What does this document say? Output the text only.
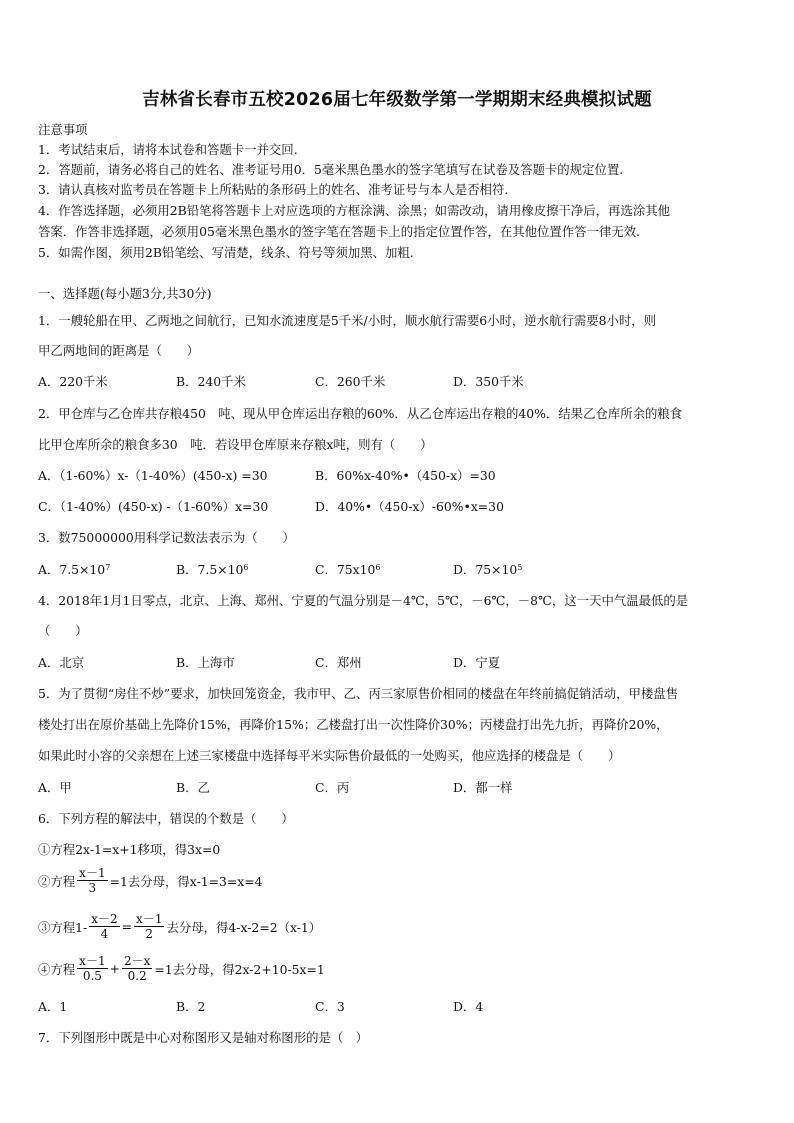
吉林省长春市五校2026届七年级数学第一学期期末经典模拟试题
注意事项
1．考试结束后，请将本试卷和答题卡一并交回.
2．答题前，请务必将自己的姓名、准考证号用0．5毫米黑色墨水的签字笔填写在试卷及答题卡的规定位置.
3．请认真核对监考员在答题卡上所粘贴的条形码上的姓名、准考证号与本人是否相符.
4．作答选择题，必须用2B铅笔将答题卡上对应选项的方框涂满、涂黑；如需改动，请用橡皮擦干净后，再选涂其他
答案．作答非选择题，必须用05毫米黑色墨水的签字笔在答题卡上的指定位置作答，在其他位置作答一律无效．
5．如需作图，须用2B铅笔绘、写清楚，线条、符号等须加黑、加粗.
一、选择题(每小题3分,共30分)
1．一艘轮船在甲、乙两地之间航行，已知水流速度是5千米/小时，顺水航行需要6小时，逆水航行需要8小时，则
甲乙两地间的距离是（　　）
A．220千米	B．240千米	C．260千米	D．350千米
2．甲仓库与乙仓库共存粮450　吨、现从甲仓库运出存粮的60%．从乙仓库运出存粮的40%．结果乙仓库所余的粮食
比甲仓库所余的粮食多30　吨．若设甲仓库原来存粮x吨，则有（　　）
A．（1-60%）x-（1-40%）(450-x) =30	B．60%x-40%•（450-x）=30
C．（1-40%）(450-x) -（1-60%）x=30	D．40%•（450-x）-60%•x=30
3．数75000000用科学记数法表示为（　　）
A．$7.5\times 10^7$	B．$7.5\times 10^6$	C．$75x10^6$	D．$75\times 10^5$
4．2018年1月1日零点，北京、上海、郑州、宁夏的气温分别是－4℃，5℃，－6℃，－8℃，这一天中气温最低的是
（　　）
A．北京	B．上海市	C．郑州	D．宁夏
5．为了贯彻“房住不炒”要求，加快回笼资金，我市甲、乙、丙三家原售价相同的楼盘在年终前搞促销活动，甲楼盘售
楼处打出在原价基础上先降价15%，再降价15%；乙楼盘打出一次性降价30%；丙楼盘打出先九折，再降价20%，
如果此时小容的父亲想在上述三家楼盘中选择每平米实际售价最低的一处购买，他应选择的楼盘是（　　）
A．甲	B．乙	C．丙	D．都一样
6．下列方程的解法中，错误的个数是（　　）
①方程2x-1=x+1移项，得3x=0
②方程 $\frac{x-1}{3} =1$去分母，得x-1=3=x=4
③方程$1- \frac{x-2}{4} = \frac{x-1}{2}$ 去分母，得4-x-2=2（x-1）
④方程 $\frac{x-1}{0.5} + \frac{2-x}{0.2} =1$去分母，得2x-2+10-5x=1
A．1	B．2	C．3	D．4
7．下列图形中既是中心对称图形又是轴对称图形的是（　）
